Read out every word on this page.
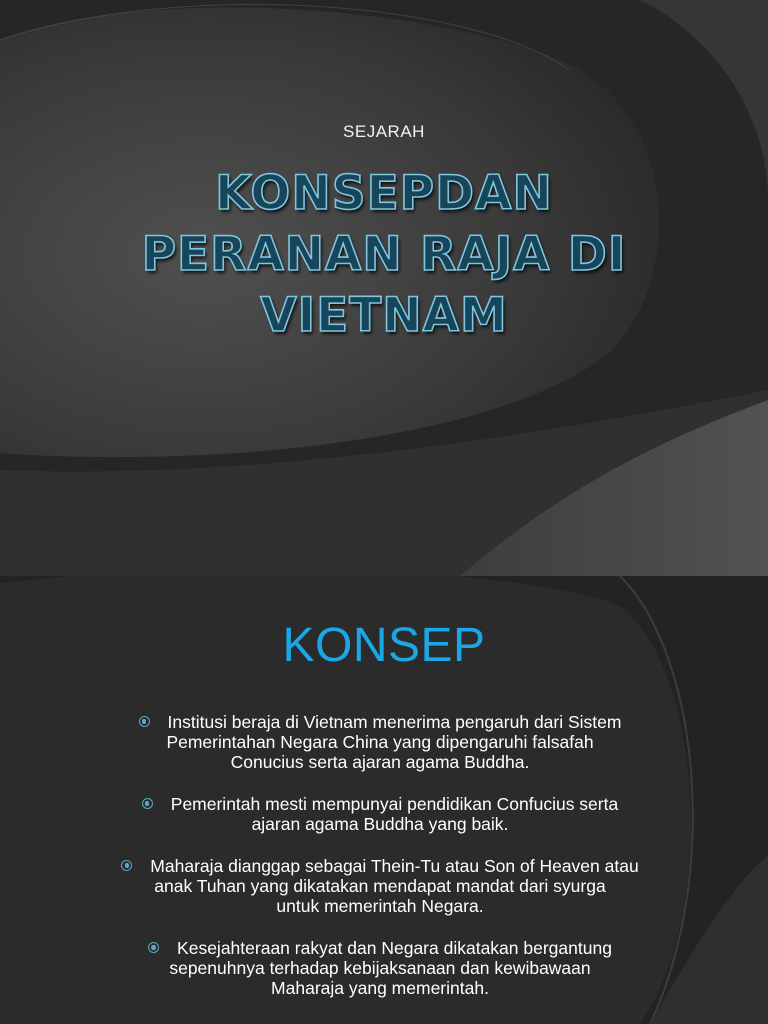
SEJARAH
KONSEPDAN
PERANAN RAJA DI
VIETNAM
KONSEP
Institusi beraja di Vietnam menerima pengaruh dari Sistem
Pemerintahan Negara China yang dipengaruhi falsafah
Conucius serta ajaran agama Buddha.
Pemerintah mesti mempunyai pendidikan Confucius serta
ajaran agama Buddha yang baik.
Maharaja dianggap sebagai Thein-Tu atau Son of Heaven atau
anak Tuhan yang dikatakan mendapat mandat dari syurga
untuk memerintah Negara.
Kesejahteraan rakyat dan Negara dikatakan bergantung
sepenuhnya terhadap kebijaksanaan dan kewibawaan
Maharaja yang memerintah.
